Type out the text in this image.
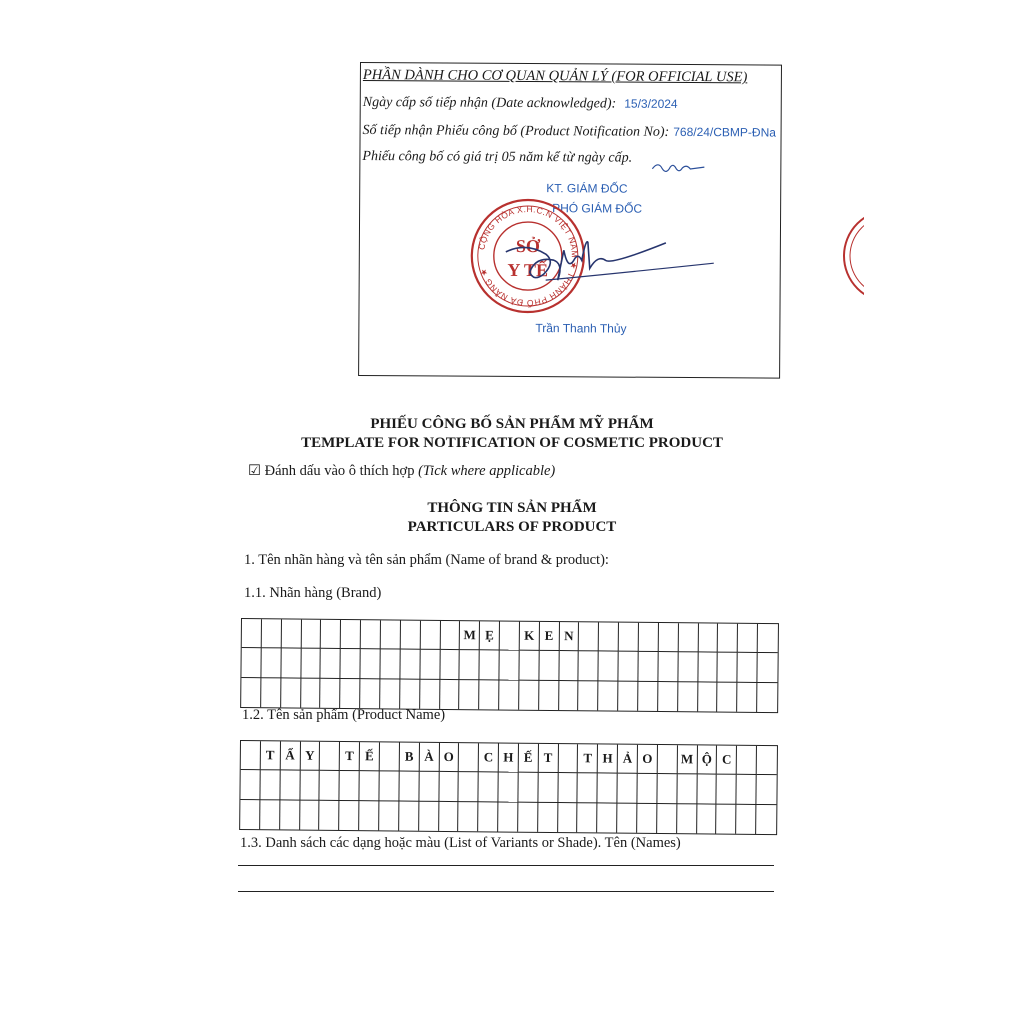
PHẦN DÀNH CHO CƠ QUAN QUẢN LÝ (FOR OFFICIAL USE)
Ngày cấp số tiếp nhận (Date acknowledged): 15/3/2024
Số tiếp nhận Phiếu công bố (Product Notification No): 768/24/CBMP-ĐNa
Phiếu công bố có giá trị 05 năm kể từ ngày cấp.
KT. GIÁM ĐỐC
PHÓ GIÁM ĐỐC
CỘNG HÒA X.H.C.N VIỆT NAM ★ THÀNH PHỐ ĐÀ NẴNG ★
SỞ
Y TẾ
Trần Thanh Thủy
PHIẾU CÔNG BỐ SẢN PHẨM MỸ PHẨM
TEMPLATE FOR NOTIFICATION OF COSMETIC PRODUCT
☑ Đánh dấu vào ô thích hợp (Tick where applicable)
THÔNG TIN SẢN PHẨM
PARTICULARS OF PRODUCT
1. Tên nhãn hàng và tên sản phẩm (Name of brand & product):
1.1. Nhãn hàng (Brand)
M Ẹ	K E N
1.2. Tên sản phẩm (Product Name)
T Ẩ Y	T Ế	B À O	C H Ế T	T H Ả O	M Ộ C
1.3. Danh sách các dạng hoặc màu (List of Variants or Shade). Tên (Names)
